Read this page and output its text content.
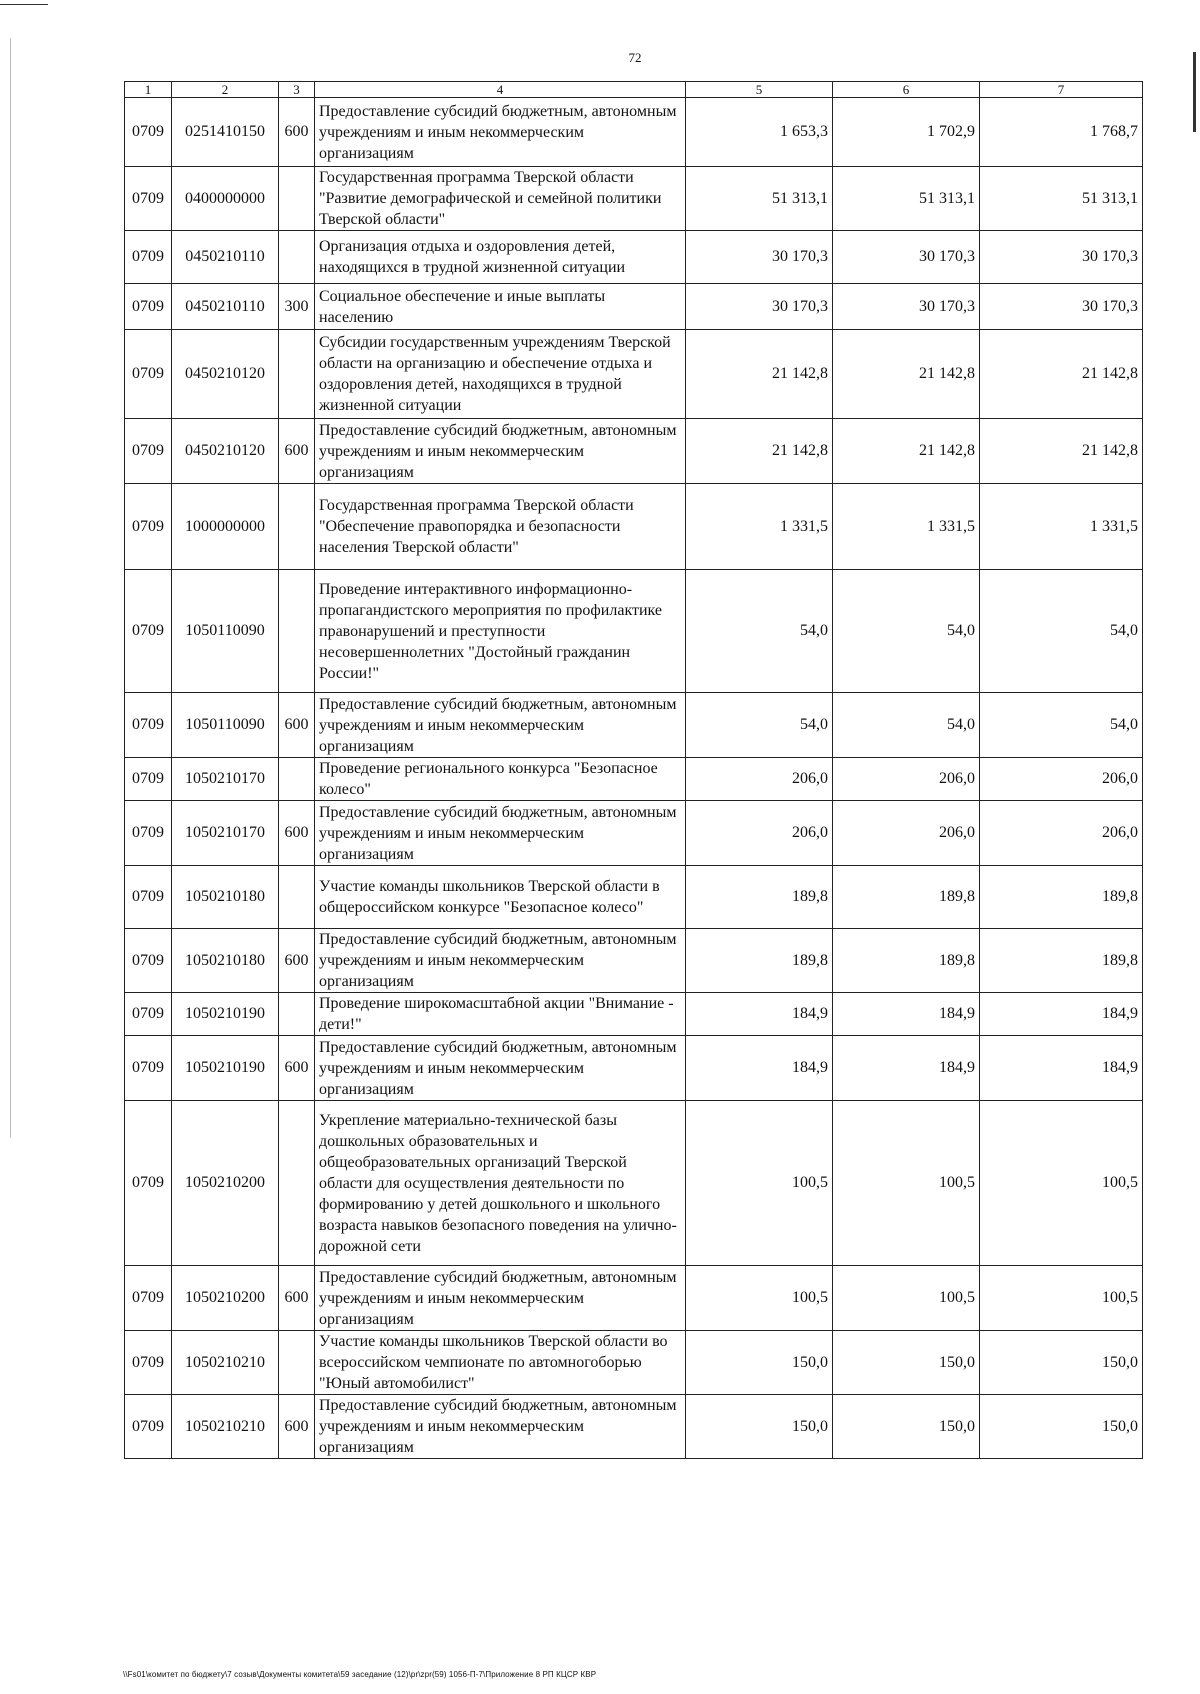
72
1	2	3	4	5	6	7
0709	0251410150	600	Предоставление субсидий бюджетным, автономным учреждениям и иным некоммерческим организациям	1 653,3	1 702,9	1 768,7
0709	0400000000		Государственная программа Тверской области "Развитие демографической и семейной политики Тверской области"	51 313,1	51 313,1	51 313,1
0709	0450210110		Организация отдыха и оздоровления детей, находящихся в трудной жизненной ситуации	30 170,3	30 170,3	30 170,3
0709	0450210110	300	Социальное обеспечение и иные выплаты населению	30 170,3	30 170,3	30 170,3
0709	0450210120		Субсидии государственным учреждениям Тверской области на организацию и обеспечение отдыха и оздоровления детей, находящихся в трудной жизненной ситуации	21 142,8	21 142,8	21 142,8
0709	0450210120	600	Предоставление субсидий бюджетным, автономным учреждениям и иным некоммерческим организациям	21 142,8	21 142,8	21 142,8
0709	1000000000		Государственная программа Тверской области "Обеспечение правопорядка и безопасности населения Тверской области"	1 331,5	1 331,5	1 331,5
0709	1050110090		Проведение интерактивного информационно-пропагандистского мероприятия по профилактике правонарушений и преступности несовершеннолетних "Достойный гражданин России!"	54,0	54,0	54,0
0709	1050110090	600	Предоставление субсидий бюджетным, автономным учреждениям и иным некоммерческим организациям	54,0	54,0	54,0
0709	1050210170		Проведение регионального конкурса "Безопасное колесо"	206,0	206,0	206,0
0709	1050210170	600	Предоставление субсидий бюджетным, автономным учреждениям и иным некоммерческим организациям	206,0	206,0	206,0
0709	1050210180		Участие команды школьников Тверской области в общероссийском конкурсе "Безопасное колесо"	189,8	189,8	189,8
0709	1050210180	600	Предоставление субсидий бюджетным, автономным учреждениям и иным некоммерческим организациям	189,8	189,8	189,8
0709	1050210190		Проведение широкомасштабной акции "Внимание - дети!"	184,9	184,9	184,9
0709	1050210190	600	Предоставление субсидий бюджетным, автономным учреждениям и иным некоммерческим организациям	184,9	184,9	184,9
0709	1050210200		Укрепление материально-технической базы дошкольных образовательных и общеобразовательных организаций Тверской области для осуществления деятельности по формированию у детей дошкольного и школьного возраста навыков безопасного поведения на улично-дорожной сети	100,5	100,5	100,5
0709	1050210200	600	Предоставление субсидий бюджетным, автономным учреждениям и иным некоммерческим организациям	100,5	100,5	100,5
0709	1050210210		Участие команды школьников Тверской области во всероссийском чемпионате по автомногоборью "Юный автомобилист"	150,0	150,0	150,0
0709	1050210210	600	Предоставление субсидий бюджетным, автономным учреждениям и иным некоммерческим организациям	150,0	150,0	150,0
\\Fs01\комитет по бюджету\7 созыв\Документы комитета\59 заседание (12)\pr\zpr(59) 1056-П-7\Приложение 8 РП КЦСР КВР
